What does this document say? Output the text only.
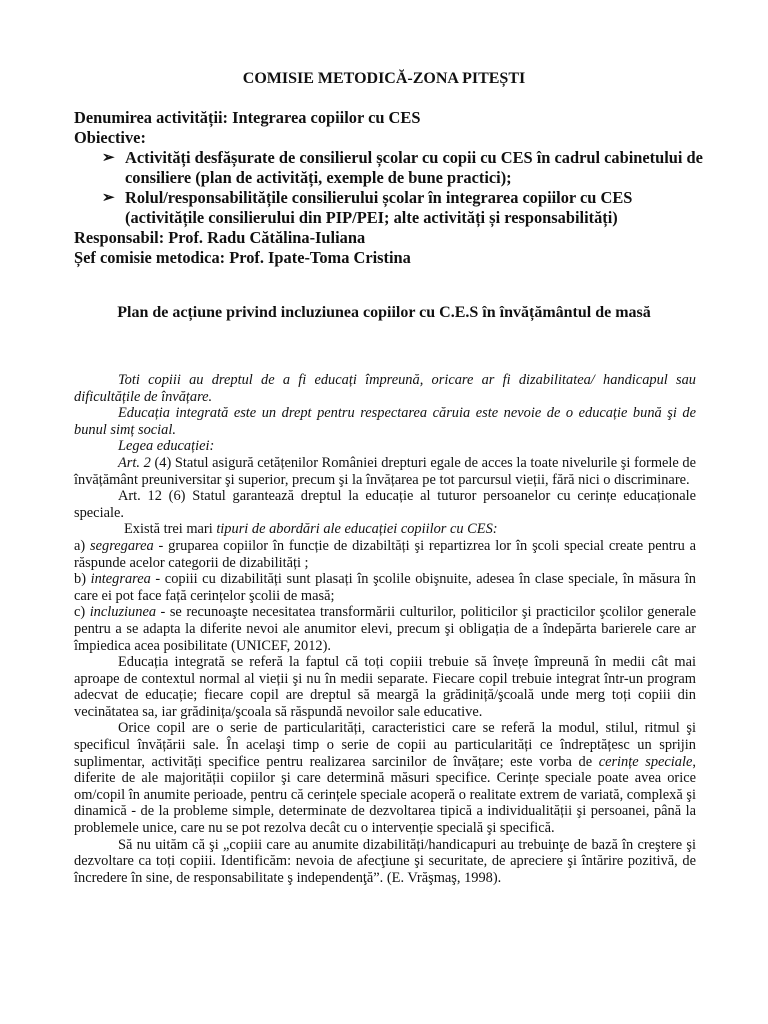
COMISIE METODICĂ-ZONA PITEȘTI

Denumirea activității: Integrarea copiilor cu CES

Obiective:

➢ Activități desfășurate de consilierul școlar cu copii cu CES în cadrul cabinetului de consiliere (plan de activități, exemple de bune practici);
➢ Rolul/responsabilitățile consilierului școlar în integrarea copiilor cu CES (activitățile consilierului din PIP/PEI; alte activități și responsabilități)

Responsabil: Prof. Radu Cătălina-Iuliana

Șef comisie metodica: Prof. Ipate-Toma Cristina

Plan de acțiune privind incluziunea copiilor cu C.E.S în învățământul de masă

Toti copiii au dreptul de a fi educați împreună, oricare ar fi dizabilitatea/ handicapul sau dificultățile de învățare.

Educația integrată este un drept pentru respectarea căruia este nevoie de o educație bună şi de bunul simț social.

Legea educației:

Art. 2 (4) Statul asigură cetățenilor României drepturi egale de acces la toate nivelurile şi formele de învățământ preuniversitar şi superior, precum şi la învățarea pe tot parcursul vieții, fără nici o discriminare.

Art. 12 (6) Statul garantează dreptul la educație al tuturor persoanelor cu cerințe educaționale speciale.

Există trei mari tipuri de abordări ale educației copiilor cu CES:

a) segregarea - gruparea copiilor în funcție de dizabiltăți şi repartizrea lor în şcoli special create pentru a răspunde acelor categorii de dizabilități ;

b) integrarea - copiii cu dizabilități sunt plasați în şcolile obişnuite, adesea în clase speciale, în măsura în care ei pot face față cerințelor şcolii de masă;

c) incluziunea - se recunoaşte necesitatea transformării culturilor, politicilor şi practicilor şcolilor generale pentru a se adapta la diferite nevoi ale anumitor elevi, precum şi obligația de a îndepărta barierele care ar împiedica acea posibilitate (UNICEF, 2012).

Educația integrată se referă la faptul că toți copiii trebuie să învețe împreună în medii cât mai aproape de contextul normal al vieții şi nu în medii separate. Fiecare copil trebuie integrat într-un program adecvat de educație; fiecare copil are dreptul să meargă la grădiniță/şcoală unde merg toți copiii din vecinătatea sa, iar grădinița/şcoala să răspundă nevoilor sale educative.

Orice copil are o serie de particularități, caracteristici care se referă la modul, stilul, ritmul şi specificul învățării sale. În acelaşi timp o serie de copii au particularități ce îndreptățesc un sprijin suplimentar, activități specifice pentru realizarea sarcinilor de învățare; este vorba de cerințe speciale, diferite de ale majorității copiilor şi care determină măsuri specifice. Cerințe speciale poate avea orice om/copil în anumite perioade, pentru că cerințele speciale acoperă o realitate extrem de variată, complexă şi dinamică - de la probleme simple, determinate de dezvoltarea tipică a individualității şi persoanei, până la problemele unice, care nu se pot rezolva decât cu o intervenție specială şi specifică.

Să nu uităm că şi „copiii care au anumite dizabilități/handicapuri au trebuinţe de bază în creştere şi dezvoltare ca toți copiii. Identificăm: nevoia de afecţiune şi securitate, de apreciere şi întărire pozitivă, de încredere în sine, de responsabilitate ş independenţă”. (E. Vrăşmaş, 1998).
